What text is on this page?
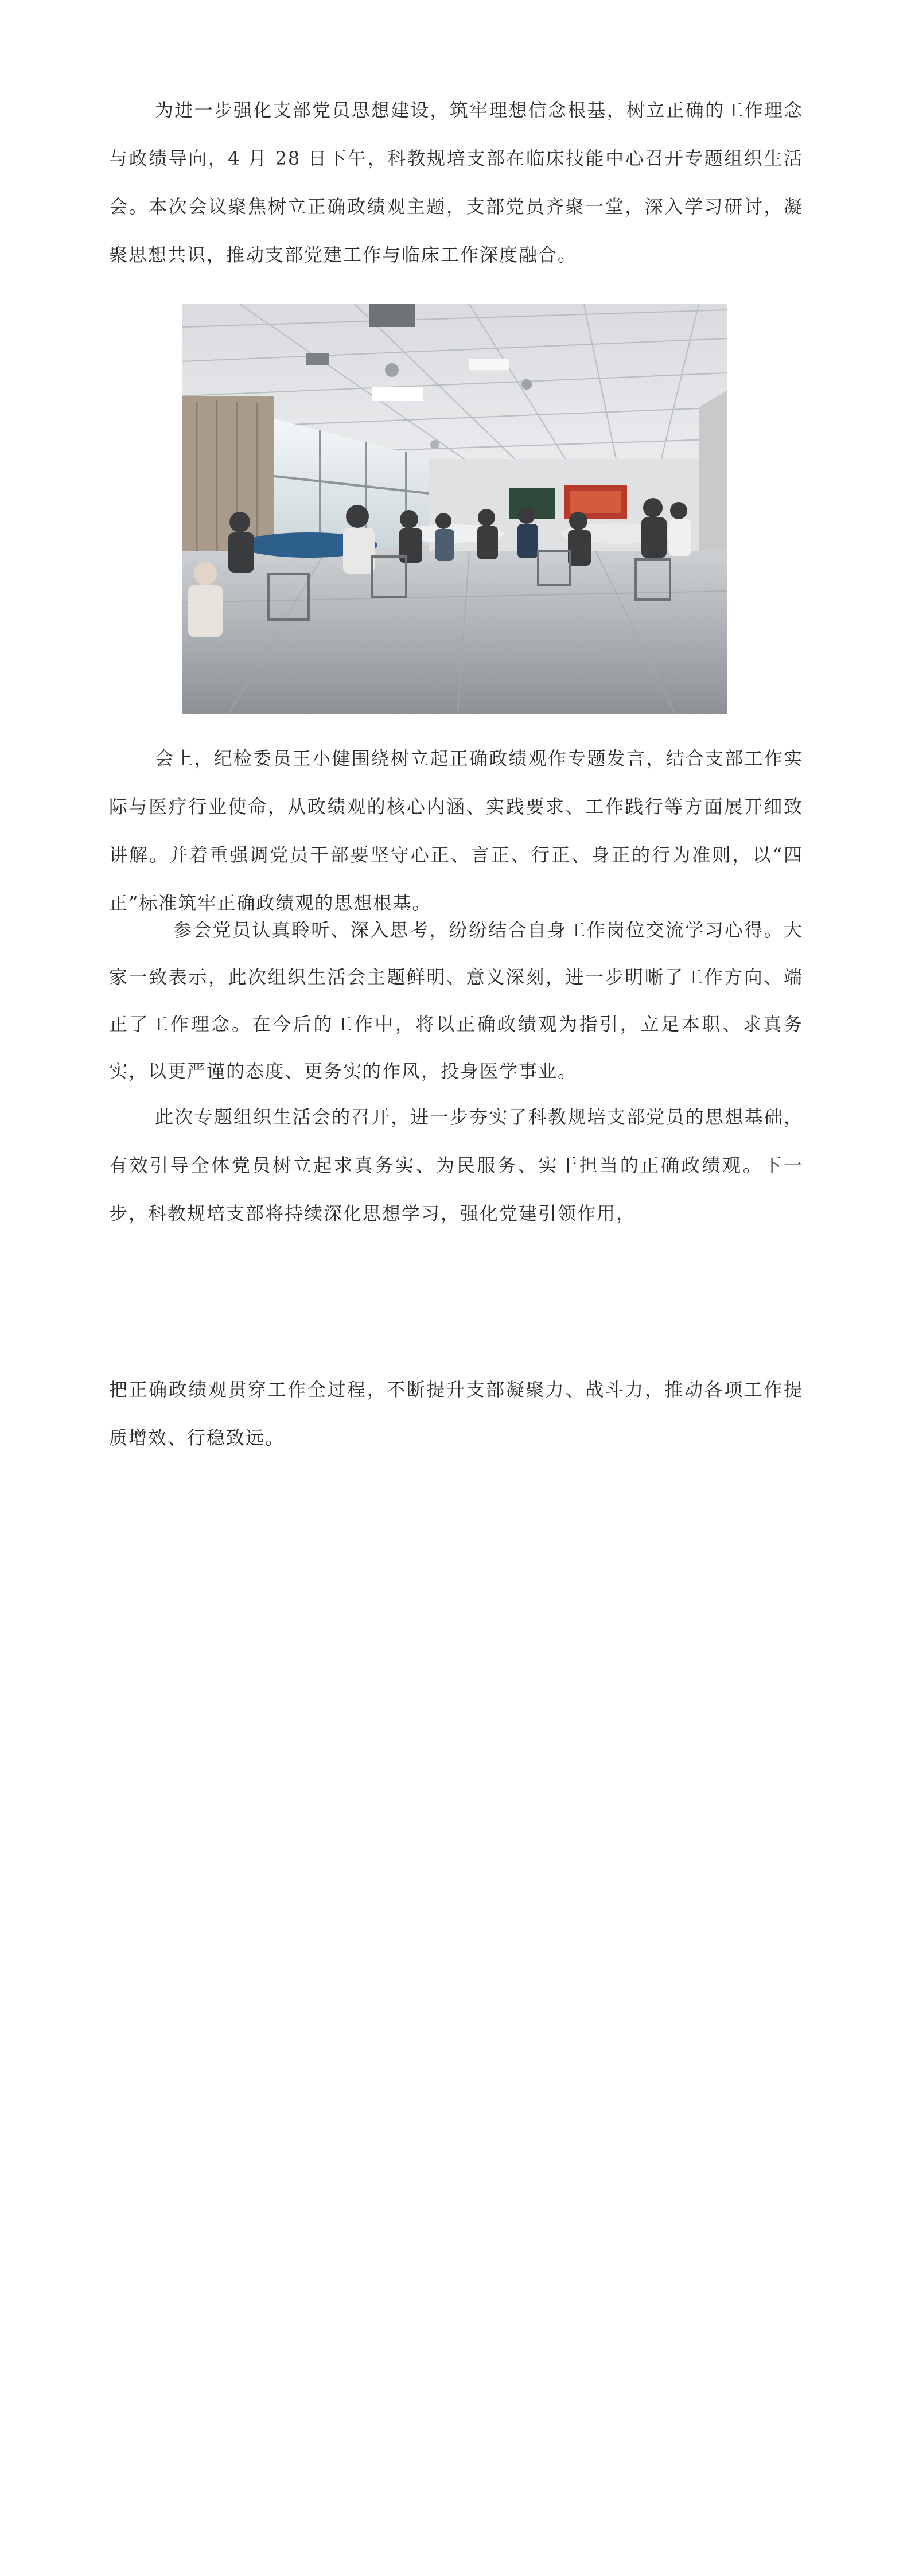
为进一步强化支部党员思想建设，筑牢理想信念根基，树立正确的工作理念与政绩导向，4 月 28 日下午，科教规培支部在临床技能中心召开专题组织生活会。本次会议聚焦树立正确政绩观主题，支部党员齐聚一堂，深入学习研讨，凝聚思想共识，推动支部党建工作与临床工作深度融合。

会上，纪检委员王小健围绕树立起正确政绩观作专题发言，结合支部工作实际与医疗行业使命，从政绩观的核心内涵、实践要求、工作践行等方面展开细致讲解。并着重强调党员干部要坚守心正、言正、行正、身正的行为准则，以“四正”标准筑牢正确政绩观的思想根基。

参会党员认真聆听、深入思考，纷纷结合自身工作岗位交流学习心得。大家一致表示，此次组织生活会主题鲜明、意义深刻，进一步明晰了工作方向、端正了工作理念。在今后的工作中，将以正确政绩观为指引，立足本职、求真务实，以更严谨的态度、更务实的作风，投身医学事业。

此次专题组织生活会的召开，进一步夯实了科教规培支部党员的思想基础，有效引导全体党员树立起求真务实、为民服务、实干担当的正确政绩观。下一步，科教规培支部将持续深化思想学习，强化党建引领作用，

把正确政绩观贯穿工作全过程，不断提升支部凝聚力、战斗力，推动各项工作提质增效、行稳致远。
